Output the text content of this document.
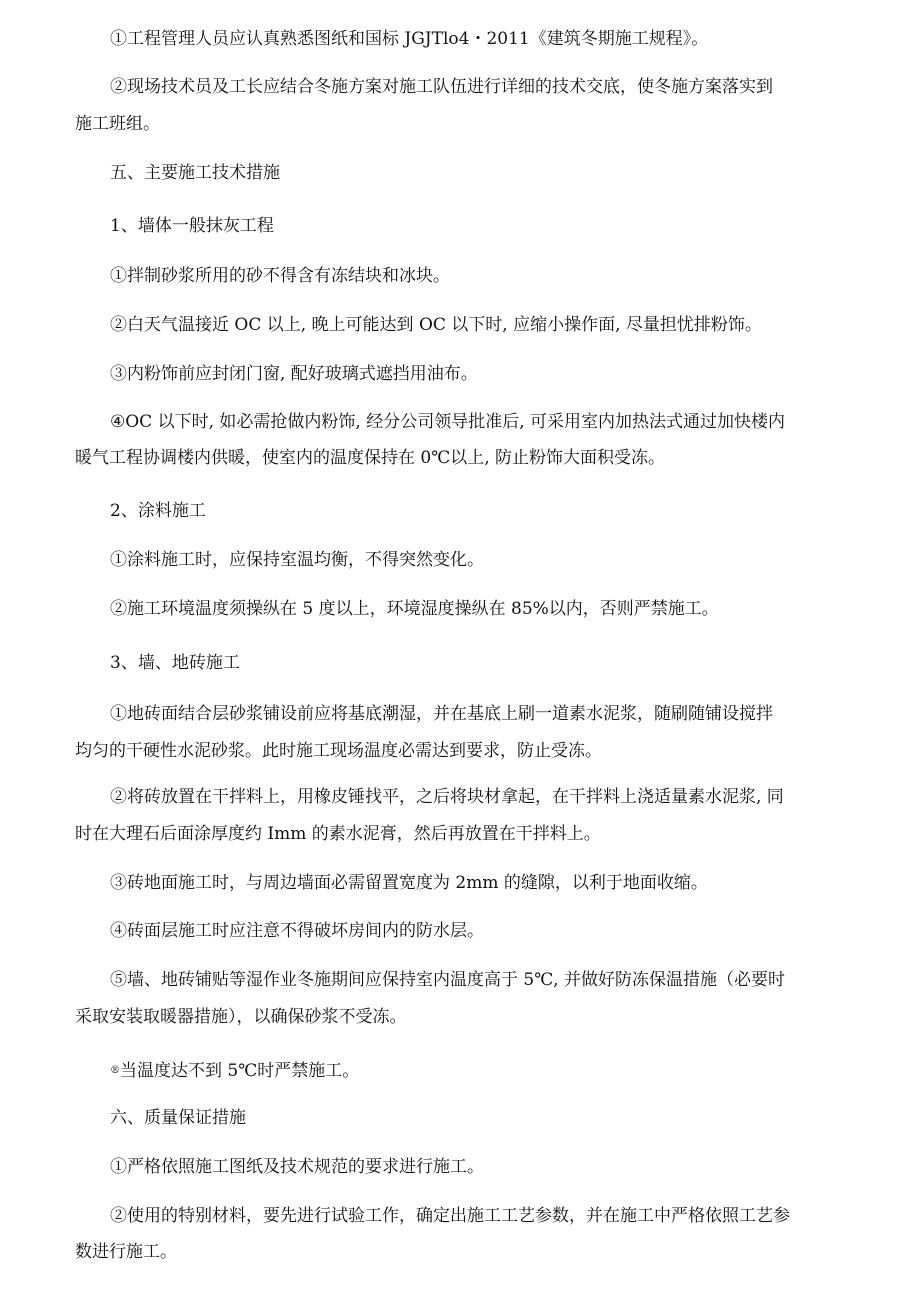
①工程管理人员应认真熟悉图纸和国标 JGJTlo4・2011《建筑冬期施工规程》。
②现场技术员及工长应结合冬施方案对施工队伍进行详细的技术交底，使冬施方案落实到
施工班组。
五、主要施工技术措施
1、墙体一般抹灰工程
①拌制砂浆所用的砂不得含有冻结块和冰块。
②白天气温接近 OC 以上, 晚上可能达到 OC 以下时, 应缩小操作面, 尽量担忧排粉饰。
③内粉饰前应封闭门窗, 配好玻璃式遮挡用油布。
④OC 以下时, 如必需抢做内粉饰, 经分公司领导批准后, 可采用室内加热法式通过加快楼内
暖气工程协调楼内供暖，使室内的温度保持在 0℃以上, 防止粉饰大面积受冻。
2、涂料施工
①涂料施工时，应保持室温均衡，不得突然变化。
②施工环境温度须操纵在 5 度以上，环境湿度操纵在 85%以内，否则严禁施工。
3、墙、地砖施工
①地砖面结合层砂浆铺设前应将基底潮湿，并在基底上刷一道素水泥浆，随刷随铺设搅拌
均匀的干硬性水泥砂浆。此时施工现场温度必需达到要求，防止受冻。
②将砖放置在干拌料上，用橡皮锤找平，之后将块材拿起，在干拌料上浇适量素水泥浆, 同
时在大理石后面涂厚度约 Imm 的素水泥膏，然后再放置在干拌料上。
③砖地面施工时，与周边墙面必需留置宽度为 2mm 的缝隙，以利于地面收缩。
④砖面层施工时应注意不得破坏房间内的防水层。
⑤墙、地砖铺贴等湿作业冬施期间应保持室内温度高于 5℃, 并做好防冻保温措施（必要时
采取安装取暖器措施），以确保砂浆不受冻。
®当温度达不到 5℃时严禁施工。
六、质量保证措施
①严格依照施工图纸及技术规范的要求进行施工。
②使用的特别材料，要先进行试验工作，确定出施工工艺参数，并在施工中严格依照工艺参
数进行施工。
